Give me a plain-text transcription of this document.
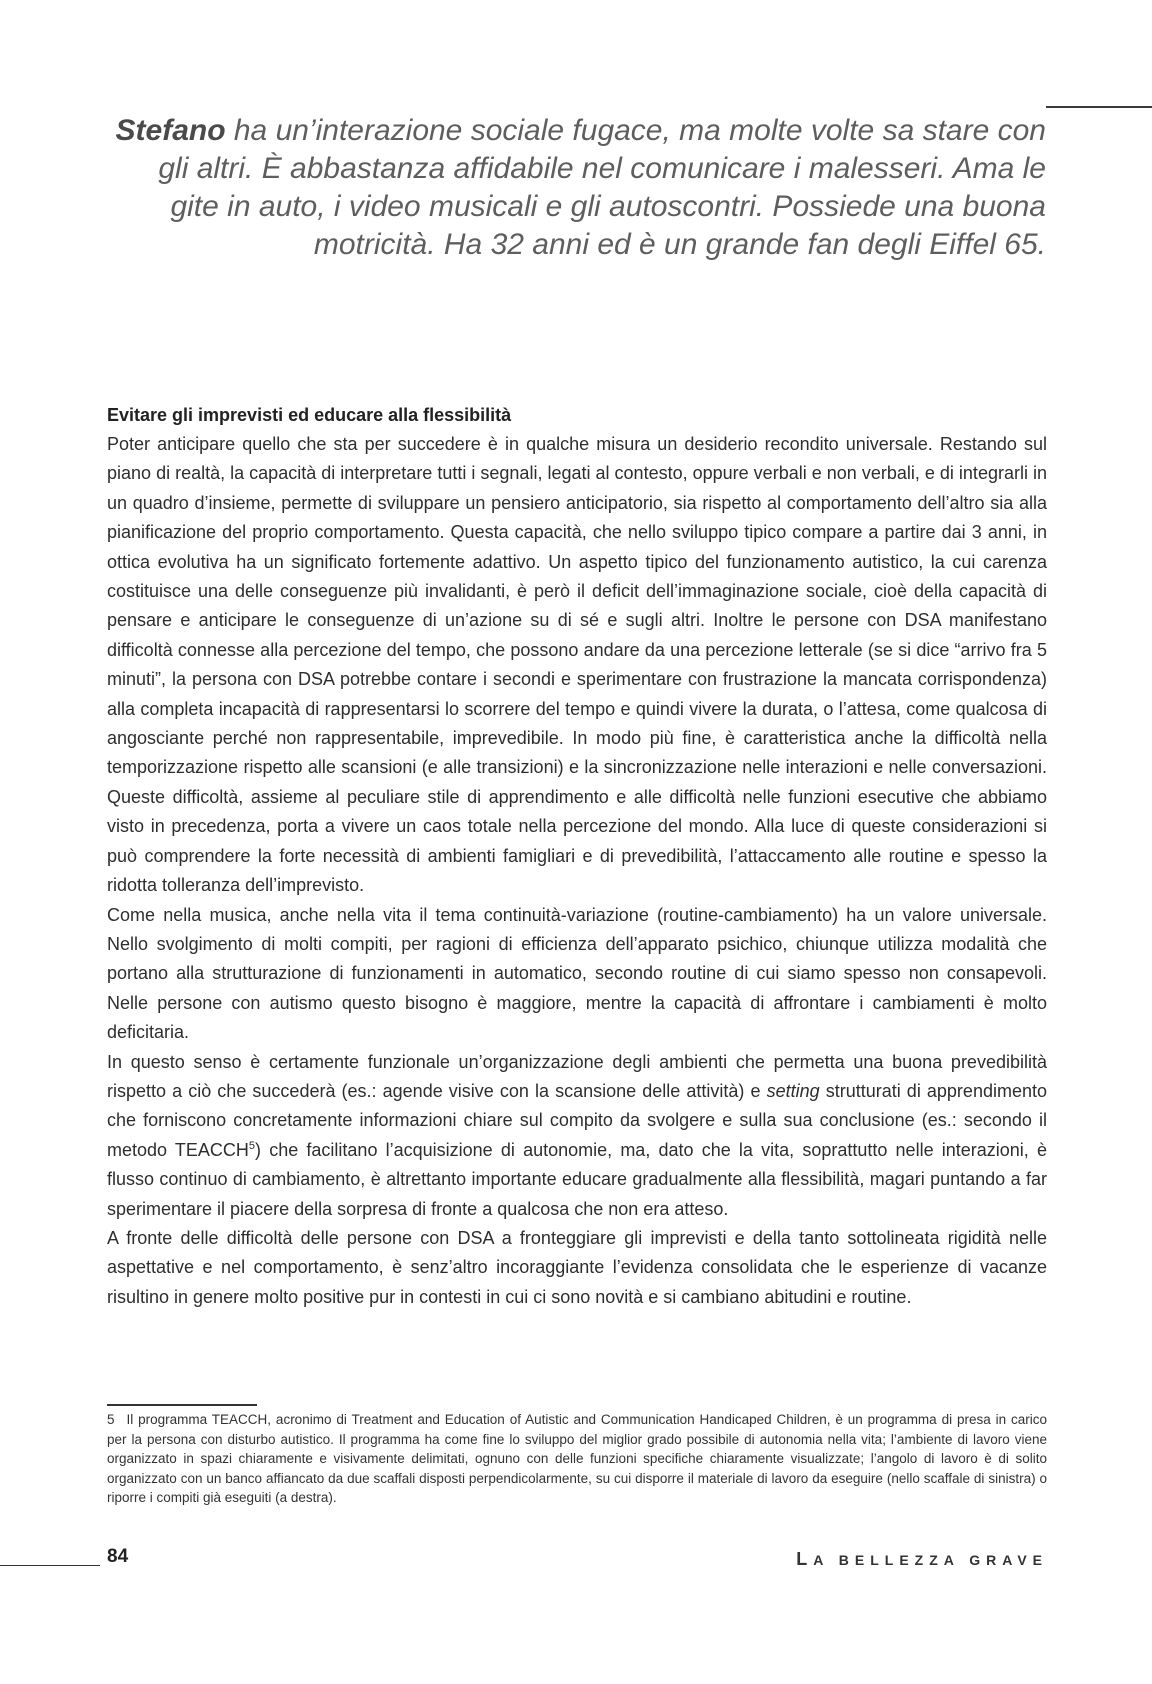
Stefano ha un’interazione sociale fugace, ma molte volte sa stare con gli altri. È abbastanza affidabile nel comunicare i malesseri. Ama le gite in auto, i video musicali e gli autoscontri. Possiede una buona motricità. Ha 32 anni ed è un grande fan degli Eiffel 65.

Evitare gli imprevisti ed educare alla flessibilità

Poter anticipare quello che sta per succedere è in qualche misura un desiderio recondito universale. Restando sul piano di realtà, la capacità di interpretare tutti i segnali, legati al contesto, oppure verbali e non verbali, e di integrarli in un quadro d’insieme, permette di sviluppare un pensiero anticipatorio, sia rispetto al comportamento dell’altro sia alla pianificazione del proprio comportamento. Questa capacità, che nello sviluppo tipico compare a partire dai 3 anni, in ottica evolutiva ha un significato fortemente adattivo. Un aspetto tipico del funzionamento autistico, la cui carenza costituisce una delle conseguenze più invalidanti, è però il deficit dell’immaginazione sociale, cioè della capacità di pensare e anticipare le conseguenze di un’azione su di sé e sugli altri. Inoltre le persone con DSA manifestano difficoltà connesse alla percezione del tempo, che possono andare da una percezione letterale (se si dice “arrivo fra 5 minuti”, la persona con DSA potrebbe contare i secondi e sperimentare con frustrazione la mancata corrispondenza) alla completa incapacità di rappresentarsi lo scorrere del tempo e quindi vivere la durata, o l’attesa, come qualcosa di angosciante perché non rappresentabile, imprevedibile. In modo più fine, è caratteristica anche la difficoltà nella temporizzazione rispetto alle scansioni (e alle transizioni) e la sincronizzazione nelle interazioni e nelle conversazioni. Queste difficoltà, assieme al peculiare stile di apprendimento e alle difficoltà nelle funzioni esecutive che abbiamo visto in precedenza, porta a vivere un caos totale nella percezione del mondo. Alla luce di queste considerazioni si può comprendere la forte necessità di ambienti famigliari e di prevedibilità, l’attaccamento alle routine e spesso la ridotta tolleranza dell’imprevisto.

Come nella musica, anche nella vita il tema continuità-variazione (routine-cambiamento) ha un valore universale. Nello svolgimento di molti compiti, per ragioni di efficienza dell’apparato psichico, chiunque utilizza modalità che portano alla strutturazione di funzionamenti in automatico, secondo routine di cui siamo spesso non consapevoli. Nelle persone con autismo questo bisogno è maggiore, mentre la capacità di affrontare i cambiamenti è molto deficitaria.

In questo senso è certamente funzionale un’organizzazione degli ambienti che permetta una buona prevedibilità rispetto a ciò che succederà (es.: agende visive con la scansione delle attività) e setting strutturati di apprendimento che forniscono concretamente informazioni chiare sul compito da svolgere e sulla sua conclusione (es.: secondo il metodo TEACCH$^5$) che facilitano l’acquisizione di autonomie, ma, dato che la vita, soprattutto nelle interazioni, è flusso continuo di cambiamento, è altrettanto importante educare gradualmente alla flessibilità, magari puntando a far sperimentare il piacere della sorpresa di fronte a qualcosa che non era atteso.

A fronte delle difficoltà delle persone con DSA a fronteggiare gli imprevisti e della tanto sottolineata rigidità nelle aspettative e nel comportamento, è senz’altro incoraggiante l’evidenza consolidata che le esperienze di vacanze risultino in genere molto positive pur in contesti in cui ci sono novità e si cambiano abitudini e routine.

5 Il programma TEACCH, acronimo di Treatment and Education of Autistic and Communication Handicaped Children, è un programma di presa in carico per la persona con disturbo autistico. Il programma ha come fine lo sviluppo del miglior grado possibile di autonomia nella vita; l’ambiente di lavoro viene organizzato in spazi chiaramente e visivamente delimitati, ognuno con delle funzioni specifiche chiaramente visualizzate; l’angolo di lavoro è di solito organizzato con un banco affiancato da due scaffali disposti perpendicolarmente, su cui disporre il materiale di lavoro da eseguire (nello scaffale di sinistra) o riporre i compiti già eseguiti (a destra).

84	LA BELLEZZA GRAVE
